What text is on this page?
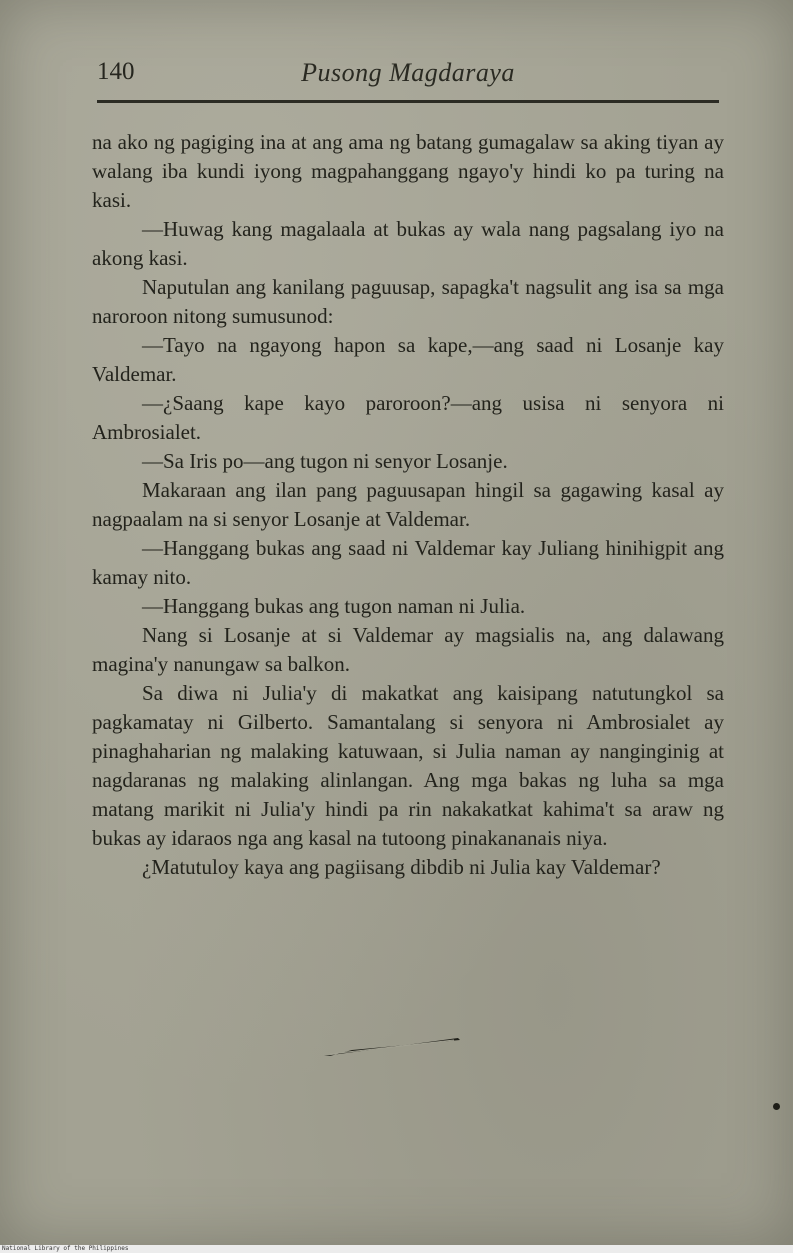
140	Pusong Magdaraya

na ako ng pagiging ina at ang ama ng batang gumagalaw sa aking tiyan ay walang iba kundi iyong magpahanggang ngayo'y hindi ko pa turing na kasi.

—Huwag kang magalaala at bukas ay wala nang pagsalang iyo na akong kasi.

Naputulan ang kanilang paguusap, sapagka't nagsulit ang isa sa mga naroroon nitong sumusunod:

—Tayo na ngayong hapon sa kape,—ang saad ni Losanje kay Valdemar.

—¿Saang kape kayo paroroon?—ang usisa ni senyora ni Ambrosialet.

—Sa Iris po—ang tugon ni senyor Losanje.

Makaraan ang ilan pang paguusapan hingil sa gagawing kasal ay nagpaalam na si senyor Losanje at Valdemar.

—Hanggang bukas ang saad ni Valdemar kay Juliang hinihigpit ang kamay nito.

—Hanggang bukas ang tugon naman ni Julia.

Nang si Losanje at si Valdemar ay magsialis na, ang dalawang magina'y nanungaw sa balkon.

Sa diwa ni Julia'y di makatkat ang kaisipang natutungkol sa pagkamatay ni Gilberto. Samantalang si senyora ni Ambrosialet ay pinaghaharian ng malaking katuwaan, si Julia naman ay nanginginig at nagdaranas ng malaking alinlangan. Ang mga bakas ng luha sa mga matang marikit ni Julia'y hindi pa rin nakakatkat kahima't sa araw ng bukas ay idaraos nga ang kasal na tutoong pinakananais niya.

¿Matutuloy kaya ang pagiisang dibdib ni Julia kay Valdemar?

National Library of the Philippines
